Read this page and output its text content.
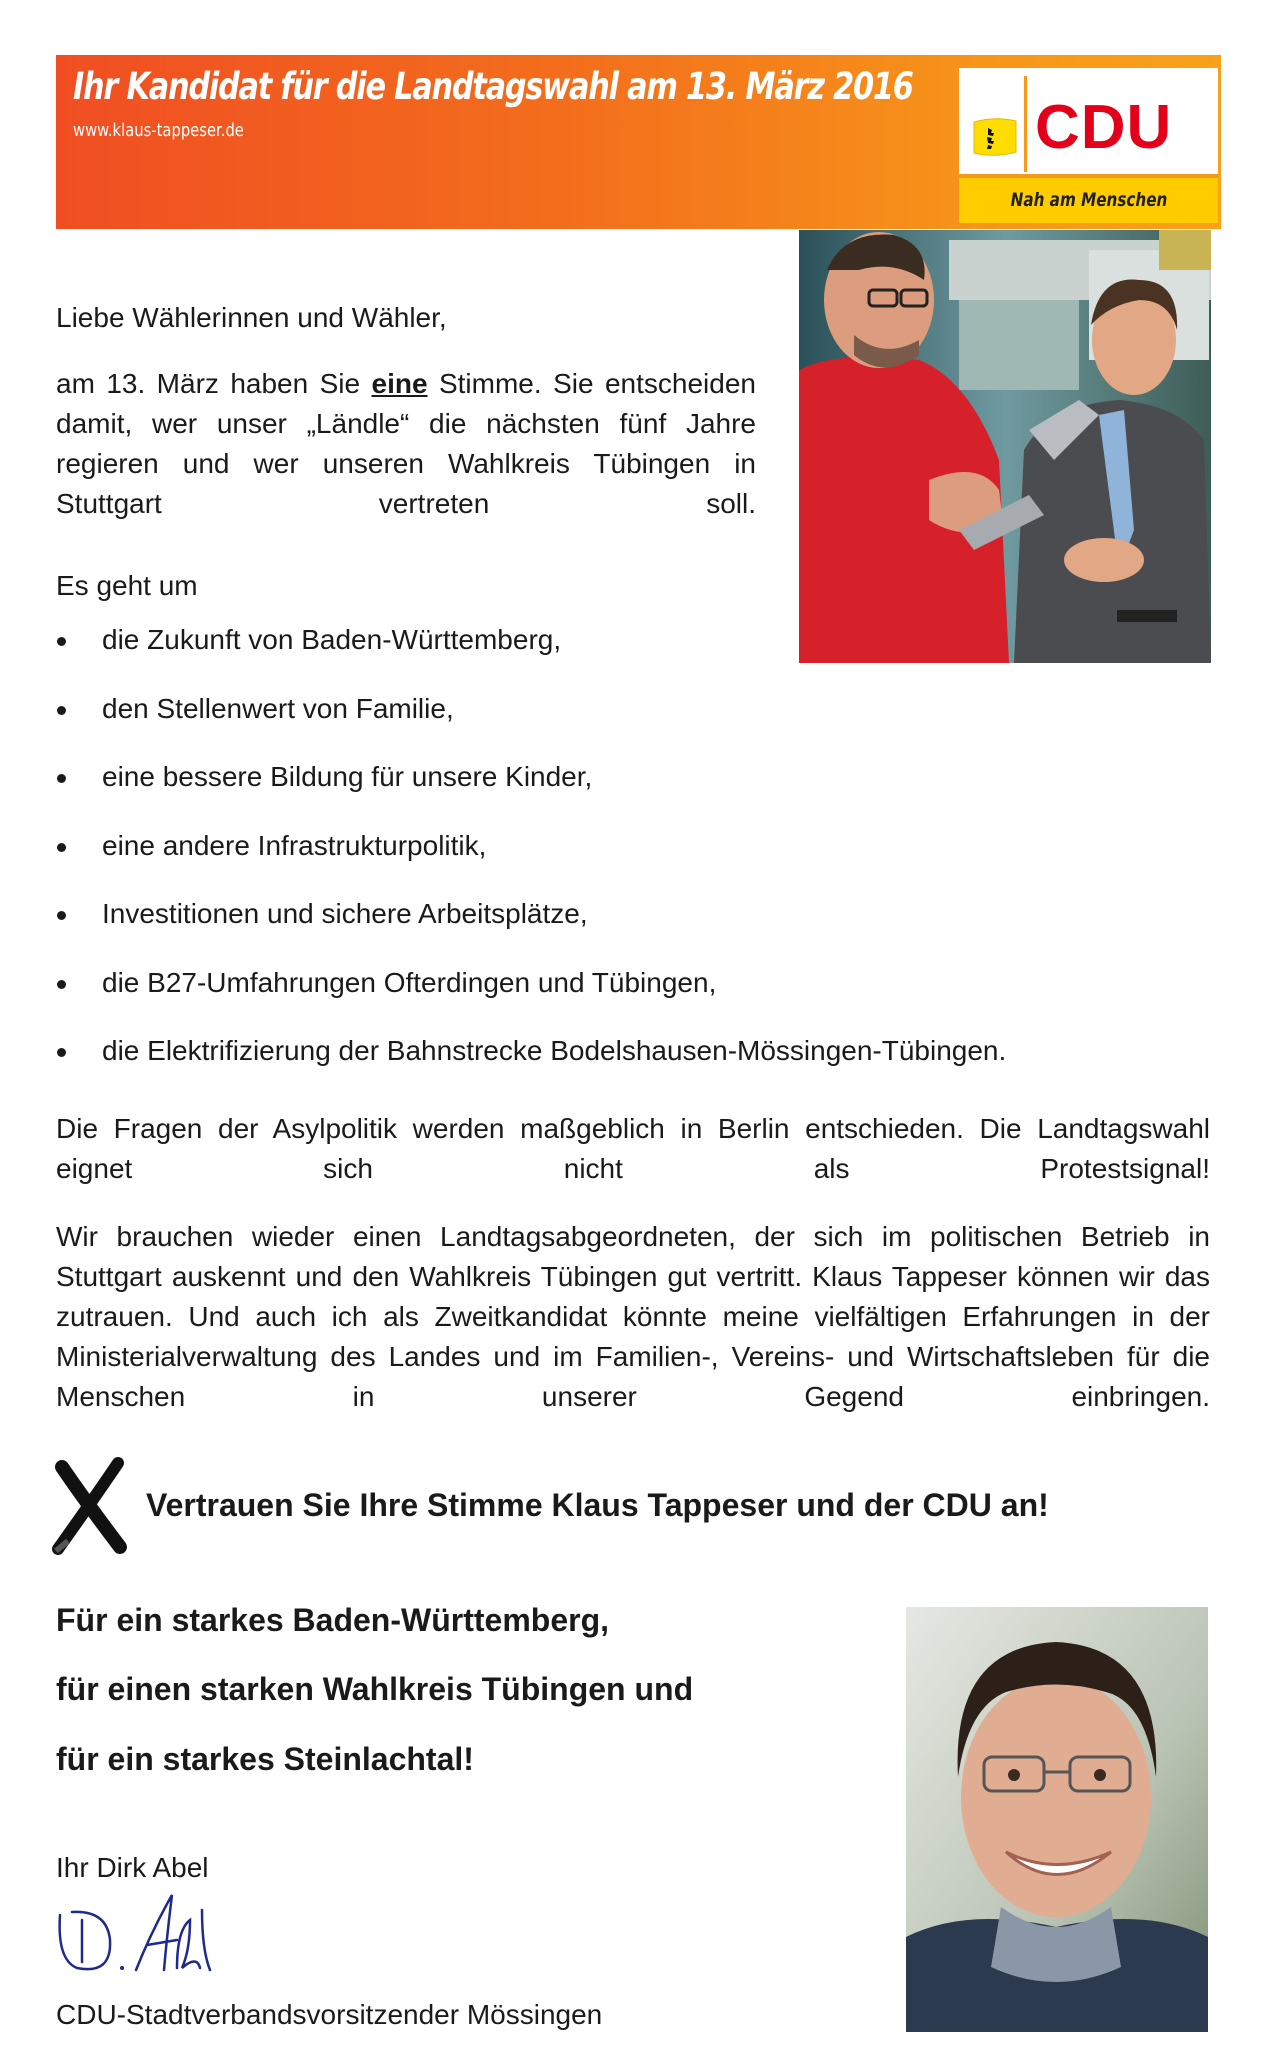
Ihr Kandidat für die Landtagswahl am 13. März 2016
www.klaus-tappeser.de	CDU
Nah am Menschen
Liebe Wählerinnen und Wähler,
am 13. März haben Sie eine Stimme. Sie entscheiden damit, wer unser „Ländle“ die nächsten fünf Jahre regieren und wer unseren Wahlkreis Tübingen in Stuttgart vertreten soll.
Es geht um
die Zukunft von Baden-Württemberg,
den Stellenwert von Familie,
eine bessere Bildung für unsere Kinder,
eine andere Infrastrukturpolitik,
Investitionen und sichere Arbeitsplätze,
die B27-Umfahrungen Ofterdingen und Tübingen,
die Elektrifizierung der Bahnstrecke Bodelshausen-Mössingen-Tübingen.
Die Fragen der Asylpolitik werden maßgeblich in Berlin entschieden. Die Landtagswahl eignet sich nicht als Protestsignal!
Wir brauchen wieder einen Landtagsabgeordneten, der sich im politischen Betrieb in Stuttgart auskennt und den Wahlkreis Tübingen gut vertritt. Klaus Tappeser können wir das zutrauen. Und auch ich als Zweitkandidat könnte meine vielfältigen Erfahrungen in der Ministerialverwaltung des Landes und im Familien-, Vereins- und Wirtschaftsleben für die Menschen in unserer Gegend einbringen.
Vertrauen Sie Ihre Stimme Klaus Tappeser und der CDU an!
Für ein starkes Baden-Württemberg,
für einen starken Wahlkreis Tübingen und
für ein starkes Steinlachtal!
Ihr Dirk Abel
CDU-Stadtverbandsvorsitzender Mössingen
